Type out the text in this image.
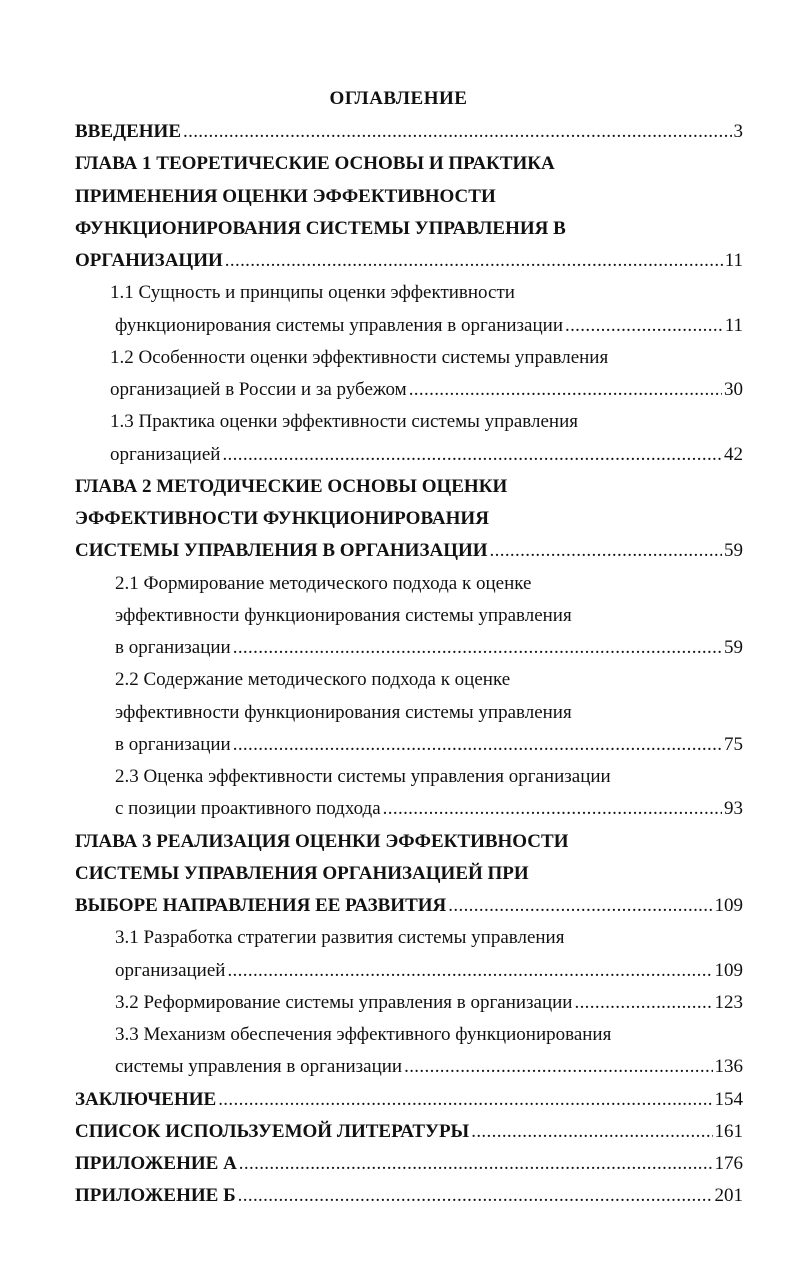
ОГЛАВЛЕНИЕ
ВВЕДЕНИЕ . . .	3
ГЛАВА 1 ТЕОРЕТИЧЕСКИЕ ОСНОВЫ И ПРАКТИКА
ПРИМЕНЕНИЯ ОЦЕНКИ ЭФФЕКТИВНОСТИ
ФУНКЦИОНИРОВАНИЯ СИСТЕМЫ УПРАВЛЕНИЯ В
ОРГАНИЗАЦИИ . . .	11
1.1 Сущность и принципы оценки эффективности
функционирования системы управления в организации . . .	11
1.2 Особенности оценки эффективности системы управления
организацией в России и за рубежом . . .	30
1.3 Практика оценки эффективности системы управления
организацией . . .	42
ГЛАВА 2 МЕТОДИЧЕСКИЕ ОСНОВЫ ОЦЕНКИ
ЭФФЕКТИВНОСТИ ФУНКЦИОНИРОВАНИЯ
СИСТЕМЫ УПРАВЛЕНИЯ В ОРГАНИЗАЦИИ . . .	59
2.1 Формирование методического подхода к оценке
эффективности функционирования системы управления
в организации . . .	59
2.2 Содержание методического подхода к оценке
эффективности функционирования системы управления
в организации . . .	75
2.3 Оценка эффективности системы управления организации
с позиции проактивного подхода . . .	93
ГЛАВА 3 РЕАЛИЗАЦИЯ ОЦЕНКИ ЭФФЕКТИВНОСТИ
СИСТЕМЫ УПРАВЛЕНИЯ ОРГАНИЗАЦИЕЙ ПРИ
ВЫБОРЕ НАПРАВЛЕНИЯ ЕЕ РАЗВИТИЯ . . .	109
3.1 Разработка стратегии развития системы управления
организацией . . .	109
3.2 Реформирование системы управления в организации . . .	123
3.3 Механизм обеспечения эффективного функционирования
системы управления в организации . . .	136
ЗАКЛЮЧЕНИЕ . . .	154
СПИСОК ИСПОЛЬЗУЕМОЙ ЛИТЕРАТУРЫ . . .	161
ПРИЛОЖЕНИЕ А . . .	176
ПРИЛОЖЕНИЕ Б . . .	201
